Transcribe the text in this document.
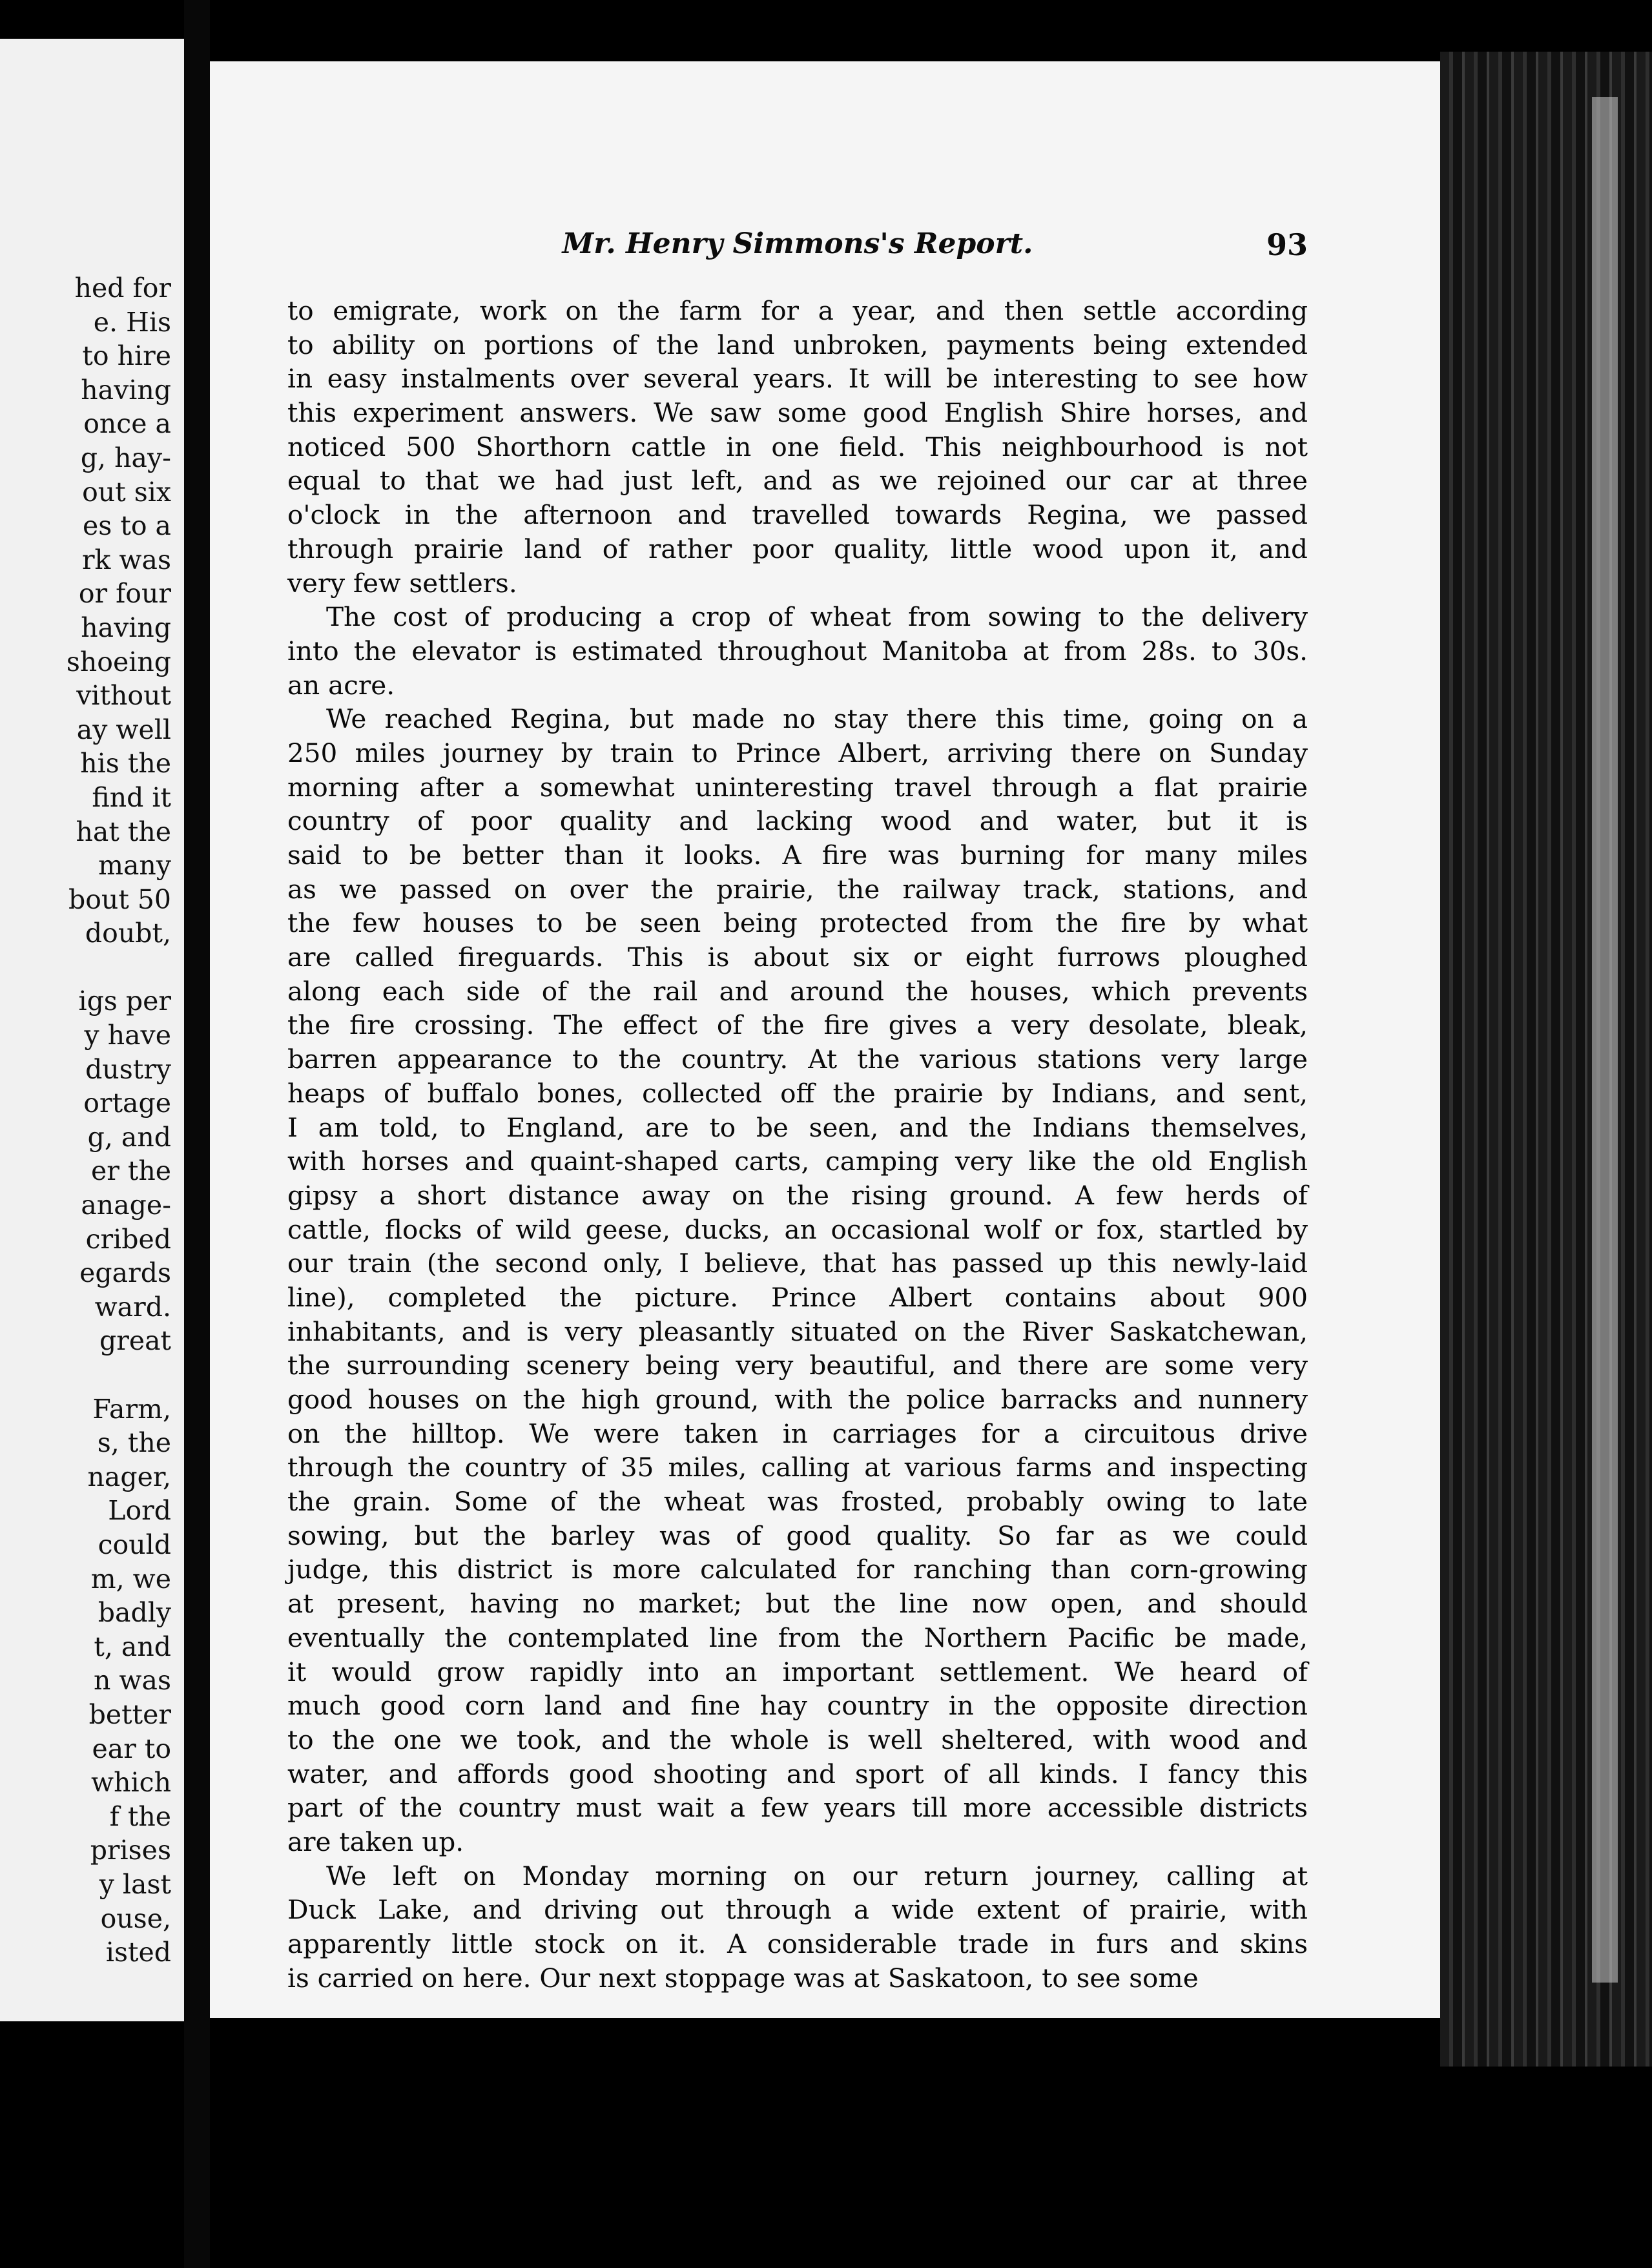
hed for
e. His
to hire
having
once a
g, hay-
out six
es to a
rk was
or four
having
shoeing
vithout
ay well
his the
find it
hat the
many
bout 50
doubt,
igs per
y have
dustry
ortage
g, and
er the
anage-
cribed
egards
ward.
great
Farm,
s, the
nager,
Lord
could
m, we
badly
t, and
n was
better
ear to
which
f the
prises
y last
ouse,
isted
Mr. Henry Simmons's Report.	93
to emigrate, work on the farm for a year, and then settle according
to ability on portions of the land unbroken, payments being extended
in easy instalments over several years. It will be interesting to see how
this experiment answers. We saw some good English Shire horses, and
noticed 500 Shorthorn cattle in one field. This neighbourhood is not
equal to that we had just left, and as we rejoined our car at three
o'clock in the afternoon and travelled towards Regina, we passed
through prairie land of rather poor quality, little wood upon it, and
very few settlers.
The cost of producing a crop of wheat from sowing to the delivery
into the elevator is estimated throughout Manitoba at from 28s. to 30s.
an acre.
We reached Regina, but made no stay there this time, going on a
250 miles journey by train to Prince Albert, arriving there on Sunday
morning after a somewhat uninteresting travel through a flat prairie
country of poor quality and lacking wood and water, but it is
said to be better than it looks. A fire was burning for many miles
as we passed on over the prairie, the railway track, stations, and
the few houses to be seen being protected from the fire by what
are called fireguards. This is about six or eight furrows ploughed
along each side of the rail and around the houses, which prevents
the fire crossing. The effect of the fire gives a very desolate, bleak,
barren appearance to the country. At the various stations very large
heaps of buffalo bones, collected off the prairie by Indians, and sent,
I am told, to England, are to be seen, and the Indians themselves,
with horses and quaint-shaped carts, camping very like the old English
gipsy a short distance away on the rising ground. A few herds of
cattle, flocks of wild geese, ducks, an occasional wolf or fox, startled by
our train (the second only, I believe, that has passed up this newly-laid
line), completed the picture. Prince Albert contains about 900
inhabitants, and is very pleasantly situated on the River Saskatchewan,
the surrounding scenery being very beautiful, and there are some very
good houses on the high ground, with the police barracks and nunnery
on the hilltop. We were taken in carriages for a circuitous drive
through the country of 35 miles, calling at various farms and inspecting
the grain. Some of the wheat was frosted, probably owing to late
sowing, but the barley was of good quality. So far as we could
judge, this district is more calculated for ranching than corn-growing
at present, having no market; but the line now open, and should
eventually the contemplated line from the Northern Pacific be made,
it would grow rapidly into an important settlement. We heard of
much good corn land and fine hay country in the opposite direction
to the one we took, and the whole is well sheltered, with wood and
water, and affords good shooting and sport of all kinds. I fancy this
part of the country must wait a few years till more accessible districts
are taken up.
We left on Monday morning on our return journey, calling at
Duck Lake, and driving out through a wide extent of prairie, with
apparently little stock on it. A considerable trade in furs and skins
is carried on here. Our next stoppage was at Saskatoon, to see some
